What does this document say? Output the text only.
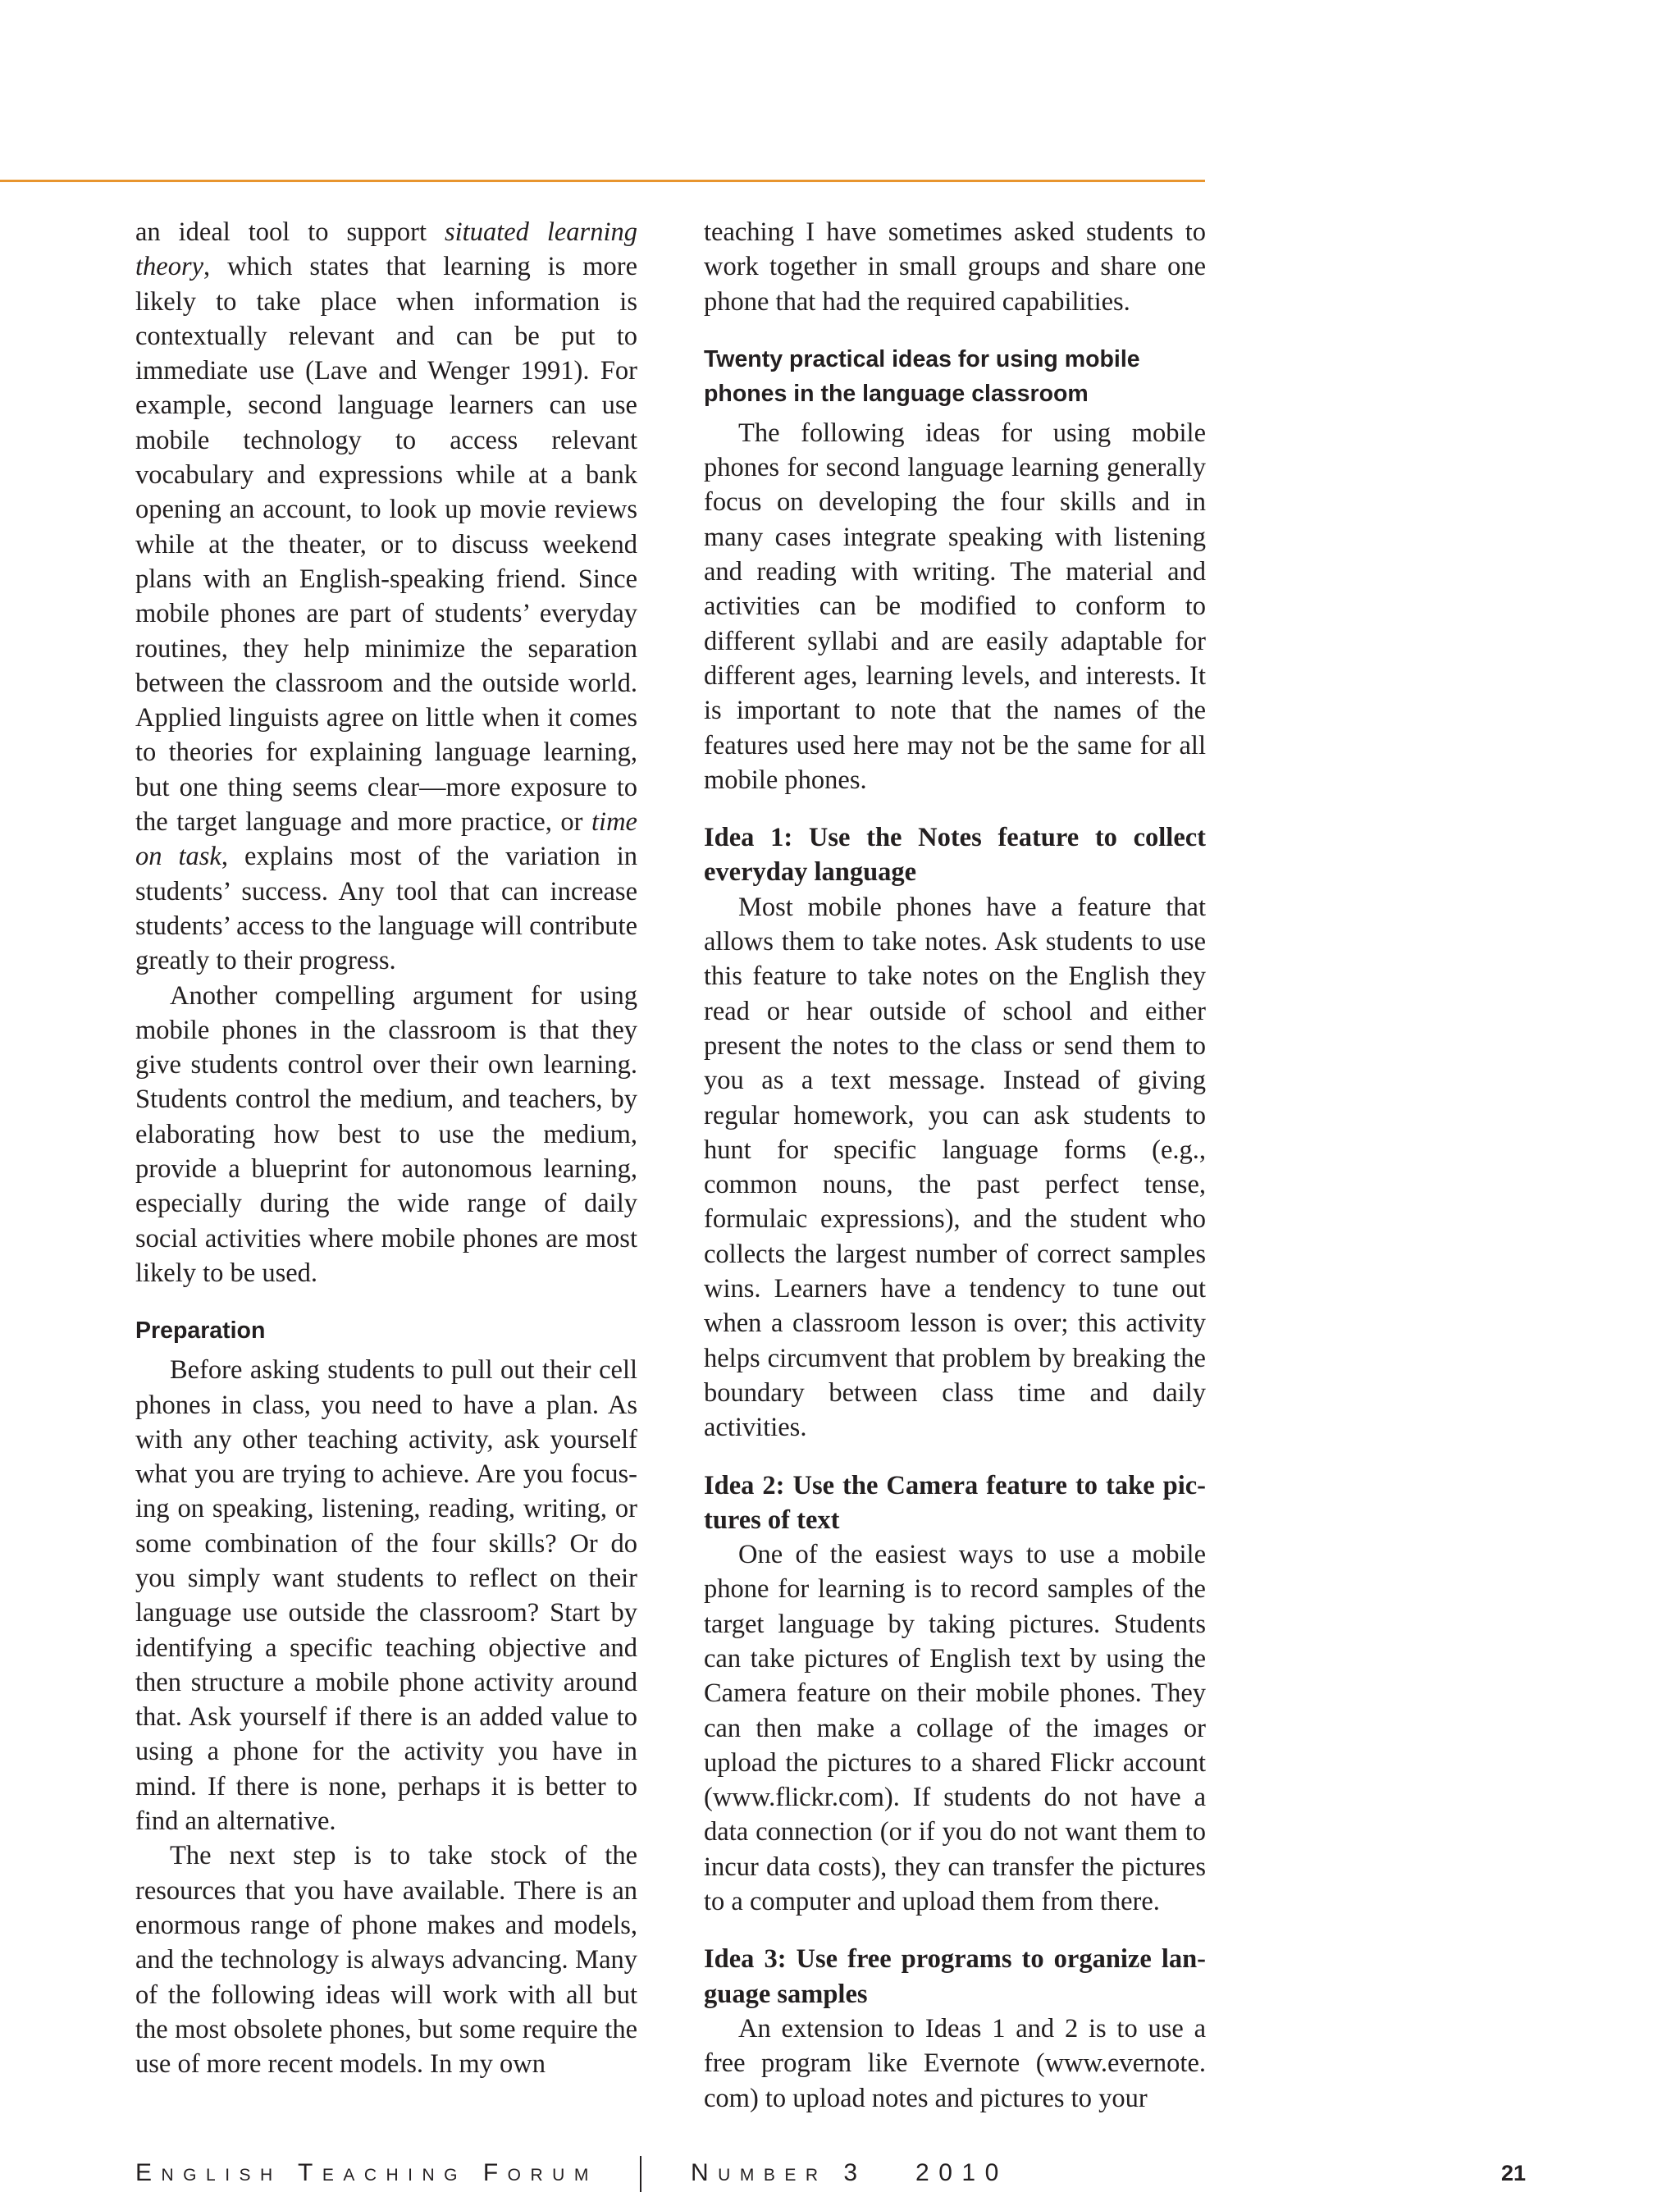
an ideal tool to support situated learning theory, which states that learning is more likely to take place when information is contextually relevant and can be put to immediate use (Lave and Wenger 1991). For example, second language learners can use mobile technology to access relevant vocabulary and expressions while at a bank opening an account, to look up movie reviews while at the theater, or to discuss weekend plans with an English-speaking friend. Since mobile phones are part of students’ everyday routines, they help minimize the separation between the classroom and the outside world. Applied linguists agree on little when it comes to theories for explaining language learning, but one thing seems clear—more exposure to the target language and more practice, or time on task, explains most of the variation in students’ success. Any tool that can increase students’ access to the language will contribute greatly to their progress.

Another compelling argument for using mobile phones in the classroom is that they give students control over their own learning. Students control the medium, and teachers, by elaborating how best to use the medium, provide a blueprint for autonomous learning, especially during the wide range of daily social activities where mobile phones are most likely to be used.

Preparation

Before asking students to pull out their cell phones in class, you need to have a plan. As with any other teaching activity, ask yourself what you are trying to achieve. Are you focusing on speaking, listening, reading, writing, or some combination of the four skills? Or do you simply want students to reflect on their language use outside the classroom? Start by identifying a specific teaching objective and then structure a mobile phone activity around that. Ask yourself if there is an added value to using a phone for the activity you have in mind. If there is none, perhaps it is better to find an alternative.

The next step is to take stock of the resources that you have available. There is an enormous range of phone makes and models, and the technology is always advancing. Many of the following ideas will work with all but the most obsolete phones, but some require the use of more recent models. In my own

teaching I have sometimes asked students to work together in small groups and share one phone that had the required capabilities.

Twenty practical ideas for using mobile phones in the language classroom

The following ideas for using mobile phones for second language learning generally focus on developing the four skills and in many cases integrate speaking with listening and reading with writing. The material and activities can be modified to conform to different syllabi and are easily adaptable for different ages, learning levels, and interests. It is important to note that the names of the features used here may not be the same for all mobile phones.

Idea 1: Use the Notes feature to collect everyday language

Most mobile phones have a feature that allows them to take notes. Ask students to use this feature to take notes on the English they read or hear outside of school and either present the notes to the class or send them to you as a text message. Instead of giving regular homework, you can ask students to hunt for specific language forms (e.g., common nouns, the past perfect tense, formulaic expressions), and the student who collects the largest number of correct samples wins. Learners have a tendency to tune out when a classroom lesson is over; this activity helps circumvent that problem by breaking the boundary between class time and daily activities.

Idea 2: Use the Camera feature to take pictures of text

One of the easiest ways to use a mobile phone for learning is to record samples of the target language by taking pictures. Students can take pictures of English text by using the Camera feature on their mobile phones. They can then make a collage of the images or upload the pictures to a shared Flickr account (www.​flickr.com). If students do not have a data connection (or if you do not want them to incur data costs), they can transfer the pictures to a computer and upload them from there.

Idea 3: Use free programs to organize language samples

An extension to Ideas 1 and 2 is to use a free program like Evernote (www.evernote.​com) to upload notes and pictures to your

English Teaching Forum	Number 3   2010	21
